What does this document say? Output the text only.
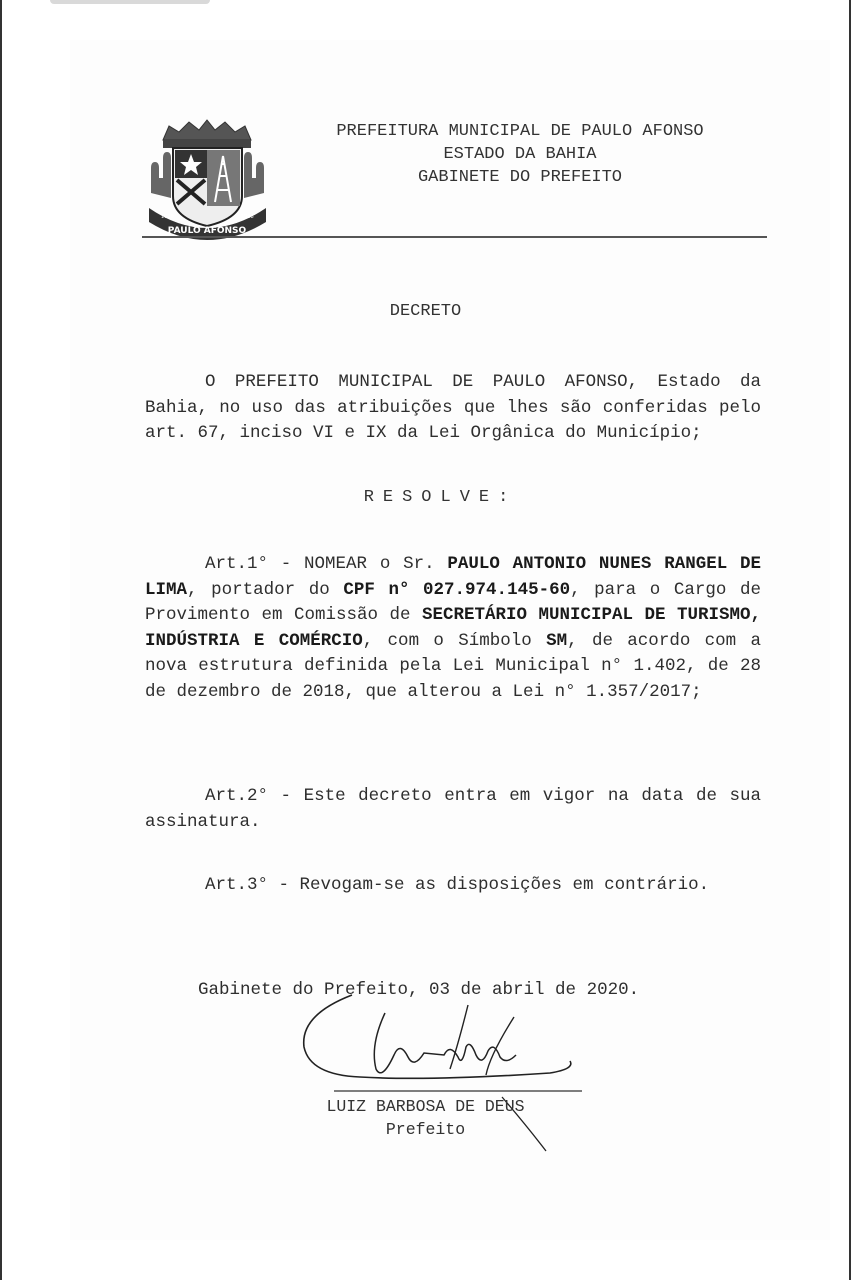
PAULO AFONSO
1720	1958
PREFEITURA MUNICIPAL DE PAULO AFONSO
ESTADO DA BAHIA
GABINETE DO PREFEITO
DECRETO
O PREFEITO MUNICIPAL DE PAULO AFONSO, Estado da Bahia, no uso das atribuições que lhes são conferidas pelo art. 67, inciso VI e IX da Lei Orgânica do Município;
RESOLVE:
Art.1° - NOMEAR o Sr. PAULO ANTONIO NUNES RANGEL DE LIMA, portador do CPF n° 027.974.145-60, para o Cargo de Provimento em Comissão de SECRETÁRIO MUNICIPAL DE TURISMO, INDÚSTRIA E COMÉRCIO, com o Símbolo SM, de acordo com a nova estrutura definida pela Lei Municipal n° 1.402, de 28 de dezembro de 2018, que alterou a Lei n° 1.357/2017;
Art.2° - Este decreto entra em vigor na data de sua assinatura.
Art.3° - Revogam-se as disposições em contrário.
Gabinete do Prefeito, 03 de abril de 2020.
LUIZ BARBOSA DE DEUS
Prefeito
